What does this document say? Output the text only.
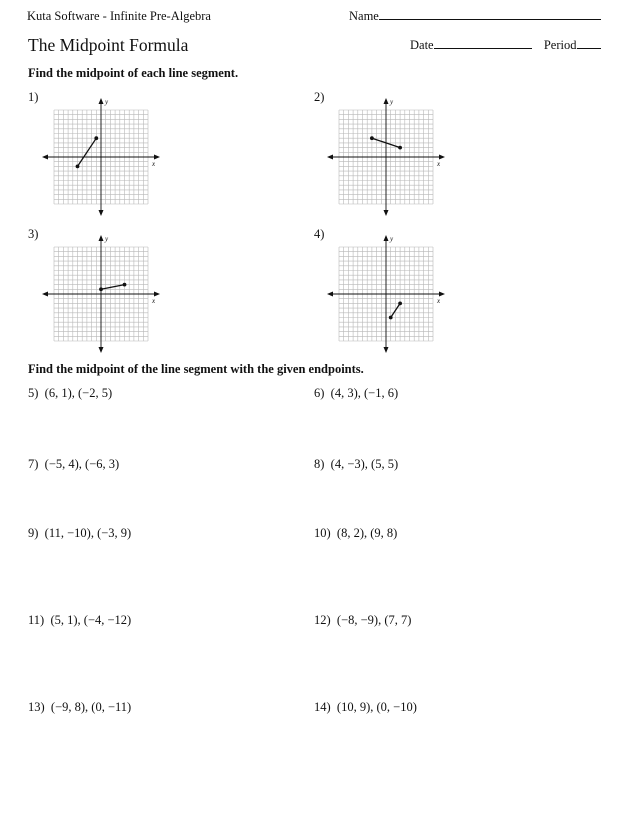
Kuta Software - Infinite Pre-Algebra	Name
The Midpoint Formula	Date	Period
Find the midpoint of each line segment.
1)
x
y	2)
x
y
3)
x
y	4)
x
y
Find the midpoint of the line segment with the given endpoints.
5) (6, 1), (−2, 5)	6) (4, 3), (−1, 6)
7) (−5, 4), (−6, 3)	8) (4, −3), (5, 5)
9) (11, −10), (−3, 9)	10) (8, 2), (9, 8)
11) (5, 1), (−4, −12)	12) (−8, −9), (7, 7)
13) (−9, 8), (0, −11)	14) (10, 9), (0, −10)
